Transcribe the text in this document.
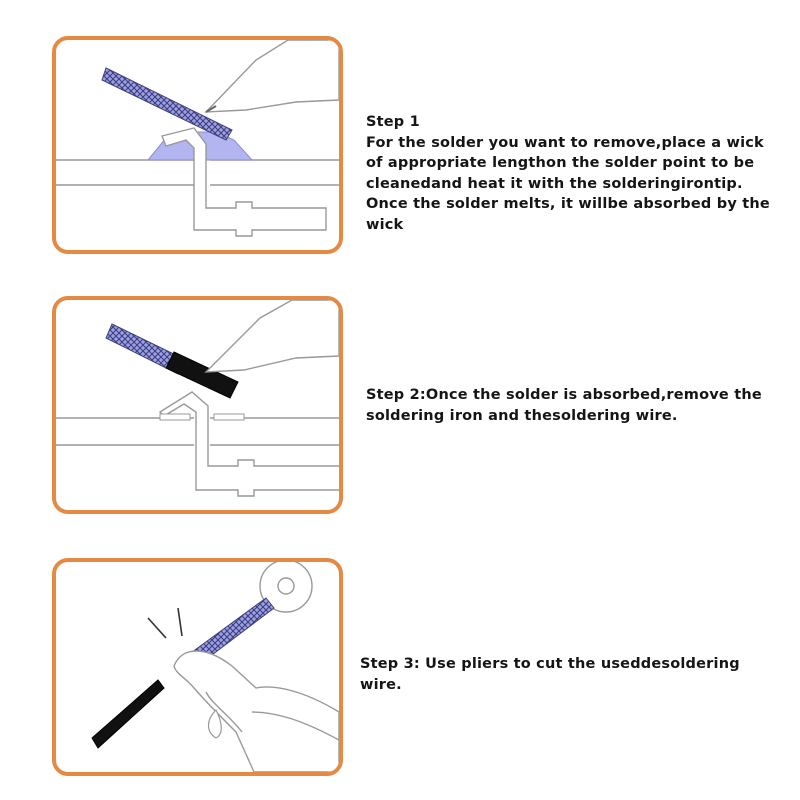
Step 1
For the solder you want to remove,place a wick
of appropriate lengthon the solder point to be
cleanedand heat it with the solderingirontip.
Once the solder melts, it willbe absorbed by the
wick
Step 2:Once the solder is absorbed,remove the
soldering iron and thesoldering wire.
Step 3: Use pliers to cut the useddesoldering
wire.
